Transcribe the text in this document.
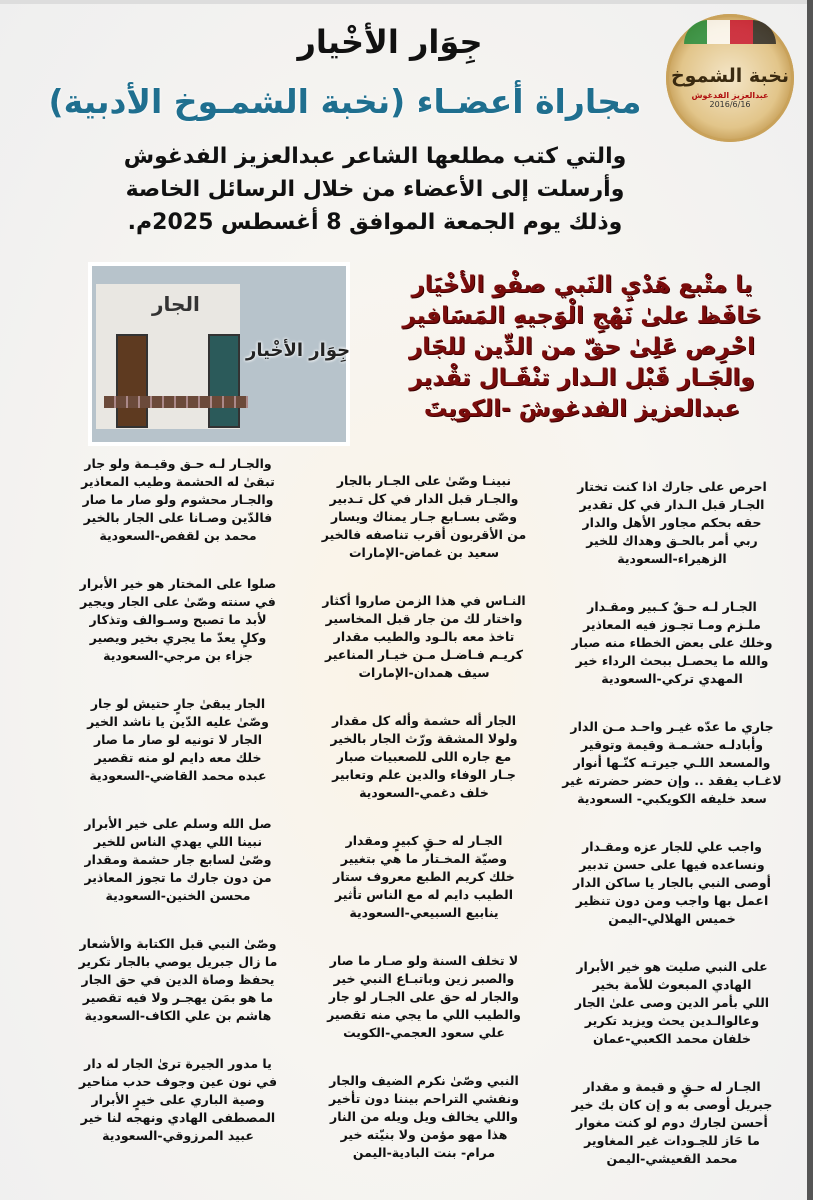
نخبة الشموخ
عبدالعزيز الفدغوش
2016/6/16
جِوَار الأخْيار
مجاراة أعضـاء (نخبة الشمـوخ الأدبية)
والتي كتب مطلعها الشاعر عبدالعزيز الفدغوش
وأرسلت إلى الأعضاء من خلال الرسائل الخاصة
وذلك يوم الجمعة الموافق 8 أغسطس 2025م.
الجار
جِوَار الأخْيار
يا متْبع هَدْيِ النَبي صفْو الأخْيَار
حَافَظ علىٰ نَهْجِ الْوَجيهِ المَسَافير
احْرِص عَلِىٰ حقّ من الدِّين للجَار
والجَـار قَبْل الـدار تنْقَـال تقْدير
عبدالعزيز الفدغوشَ -الكويتَ
احرص على جارك اذا كنت تختار
الجـار قبل الـدار في كل تقدير
حقه بحكم مجاور الأهل والدار
ربي أمر بالحـق وهداك للخير
الزهيراء-السعودية
الجـار لـه حـقٌ كـبير ومقـدار
ملـزم ومـا تجـوز فيه المعاذير
وخلك على بعض الخطاء منه صبار
والله ما يحصـل ببحث الرداء خير
المهدي تركي-السعودية
جاري ما عدّه غيـر واحـد مـن الدار
وأبادلـه حشـمـة وقيمة وتوقير
والمسعد اللـي جيرتـه كنّـها أنوار
لاغـاب يفقد .. وإن حضر حضرته غير
سعد خليفه الكويكبي- السعودية
واجب علي للجار عزه ومقـدار
ونساعده فيها على حسن تدبير
أوصى النبي بالجار يا ساكن الدار
اعمل بها واجب ومن دون تنظير
خميس الهلالي-اليمن
على النبي صليت هو خير الأبرار
الهادي المبعوث للأمة بخير
اللي بأمر الدين وصى علىٰ الجار
وعالوالـدين يحث ويزيد تكرير
خلفان محمد الكعبي-عمان
الجـار له حـقٍ و قيمة و مقدار
جبريل أوصى به و إن كان بك خير
أحسن لجارك دوم لو كنت مغوار
ما حَاز للجـودات غير المغاوير
محمد القعيشي-اليمن
نبينـا وصّىٰ على الجـار بالجار
والجـار قبل الدار في كل تـدبير
وصّى بسـابع جـار يمناك ويسار
من الأقربون أقرب تناصفه فالخير
سعيد بن غماض-الإمارات
النـاس في هذا الزمن صاروا أكثار
واختار لك من جار قبل المخاسير
تاخذ معه بالـود والطيب مقدار
كريـم فـاضـل مـن خيـار المناعير
سيف همدان-الإمارات
الجار أله حشمة وأله كل مقدار
ولولا المشقة ورّث الجار بالخير
مع جاره اللى للصعبيات صبار
جـار الوفاء والدين علم وتعابير
خلف دغمي-السعودية
الجـار له حـقٍ كبيرٍ ومقدار
وصيّة المخـتار ما هي بتغيير
خلك كريم الطبع معروف ستار
الطيب دايم له مع الناس تأثير
ينابيع السبيعي-السعودية
لا تخلف السنة ولو صـار ما صار
والصبر زين وباتبـاع النبي خير
والجار له حق على الجـار لو جار
والطيب اللي ما يجي منه تقصير
علي سعود العجمي-الكويت
النبي وصّىٰ نكرم الضيف والجار
ونفشي التراحم بيننا دون تأخير
واللي يخالف ويل ويله من النار
هذا مهو مؤمن ولا بنيّته خير
مرام- بنت البادية-اليمن
والجـار لـه حـق وقيـمة ولو جار
تبقىٰ له الحشمة وطيب المعاذير
والجـار محشوم ولو صار ما صار
فالدّين وصـانا على الجار بالخير
محمد بن لقفص-السعودية
صلوا على المختار هو خير الأبرار
في سنته وصّىٰ على الجار ويجير
لأبد ما تصبح وسـوالف وتذكار
وكلٍ يعدّ ما يجري بخير ويصير
جزاء بن مرجي-السعودية
الجار يبقىٰ جارٍ حتيش لو جار
وصّىٰ عليه الدّين يا ناشد الخير
الجار لا تونيه لو صار ما صار
خلك معه دايم لو منه تقصير
عبده محمد القاضي-السعودية
صل الله وسلم على خير الأبرار
نبينا اللي يهدي الناس للخير
وصّىٰ لسابع جار حشمة ومقدار
من دون جارك ما تجوز المعاذير
محسن الخنين-السعودية
وصّىٰ النبي قبل الكتابة والأشعار
ما زال جبريل يوصي بالجار تكرير
يحفظ وصاة الدين في حق الجار
ما هو بمَن يهجـر ولا فيه تقصير
هاشم بن علي الكاف-السعودية
يا مدور الجيرة ترىٰ الجار له دار
في نون عين وجوف حدب مناحير
وصية الباري على خيرٍ الأبرار
المصطفى الهادي ونهجه لنا خير
عبيد المرزوقي-السعودية
